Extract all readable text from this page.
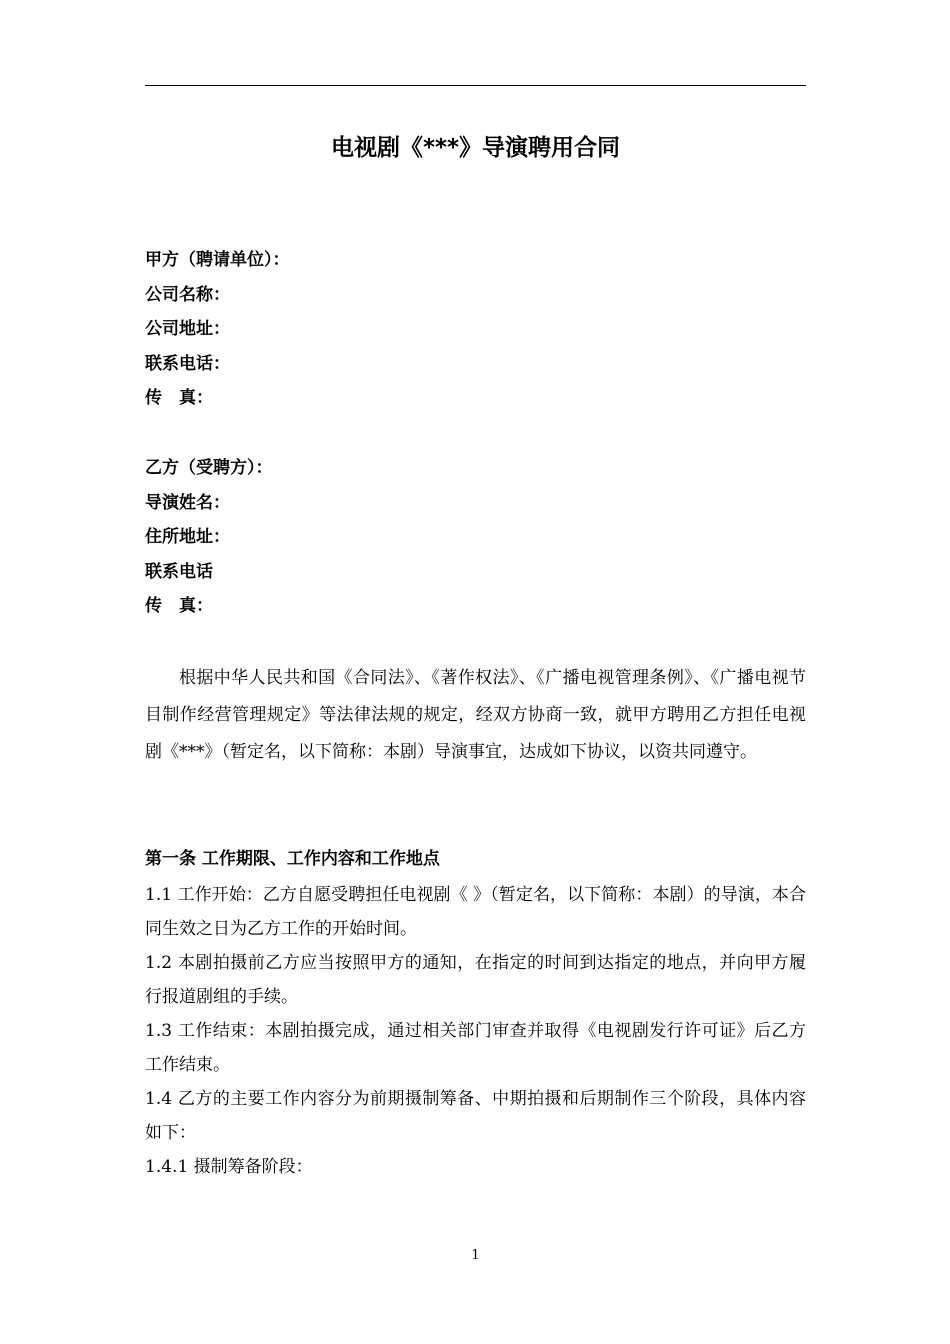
电视剧《***》导演聘用合同
甲方（聘请单位）：
公司名称：
公司地址：
联系电话：
传　真：
乙方（受聘方）：
导演姓名：
住所地址：
联系电话
传　真：

根据中华人民共和国《合同法》、《著作权法》、《广播电视管理条例》、《广播电视节目制作经营管理规定》等法律法规的规定，经双方协商一致，就甲方聘用乙方担任电视剧《***》（暂定名，以下简称：本剧）导演事宜，达成如下协议，以资共同遵守。

第一条 工作期限、工作内容和工作地点

1.1 工作开始：乙方自愿受聘担任电视剧《 》（暂定名，以下简称：本剧）的导演，本合同生效之日为乙方工作的开始时间。

1.2 本剧拍摄前乙方应当按照甲方的通知，在指定的时间到达指定的地点，并向甲方履行报道剧组的手续。

1.3 工作结束：本剧拍摄完成，通过相关部门审查并取得《电视剧发行许可证》后乙方工作结束。

1.4 乙方的主要工作内容分为前期摄制筹备、中期拍摄和后期制作三个阶段，具体内容如下：

1.4.1 摄制筹备阶段：

1
